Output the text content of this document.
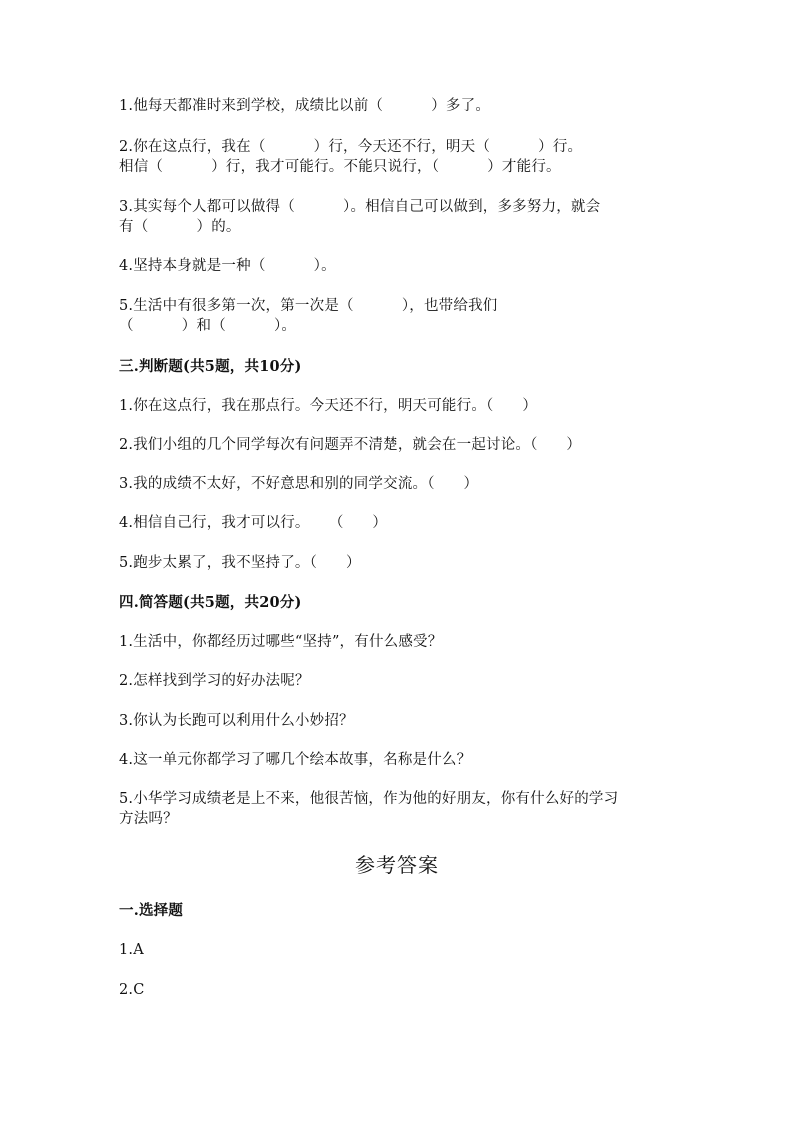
1.他每天都准时来到学校，成绩比以前（          ）多了。
2.你在这点行，我在（          ）行，今天还不行，明天（          ）行。
相信（          ）行，我才可能行。不能只说行，（          ）才能行。
3.其实每个人都可以做得（          ）。相信自己可以做到，多多努力，就会
有（          ）的。
4.坚持本身就是一种（          ）。
5.生活中有很多第一次，第一次是（          ），也带给我们
（          ）和（          ）。
三.判断题(共5题，共10分)
1.你在这点行，我在那点行。今天还不行，明天可能行。（      ）
2.我们小组的几个同学每次有问题弄不清楚，就会在一起讨论。（      ）
3.我的成绩不太好，不好意思和别的同学交流。（      ）
4.相信自己行，我才可以行。    （      ）
5.跑步太累了，我不坚持了。（      ）
四.简答题(共5题，共20分)
1.生活中，你都经历过哪些“坚持”，有什么感受？
2.怎样找到学习的好办法呢？
3.你认为长跑可以利用什么小妙招？
4.这一单元你都学习了哪几个绘本故事，名称是什么？
5.小华学习成绩老是上不来，他很苦恼，作为他的好朋友，你有什么好的学习
方法吗？
参考答案
一.选择题
1.A
2.C
